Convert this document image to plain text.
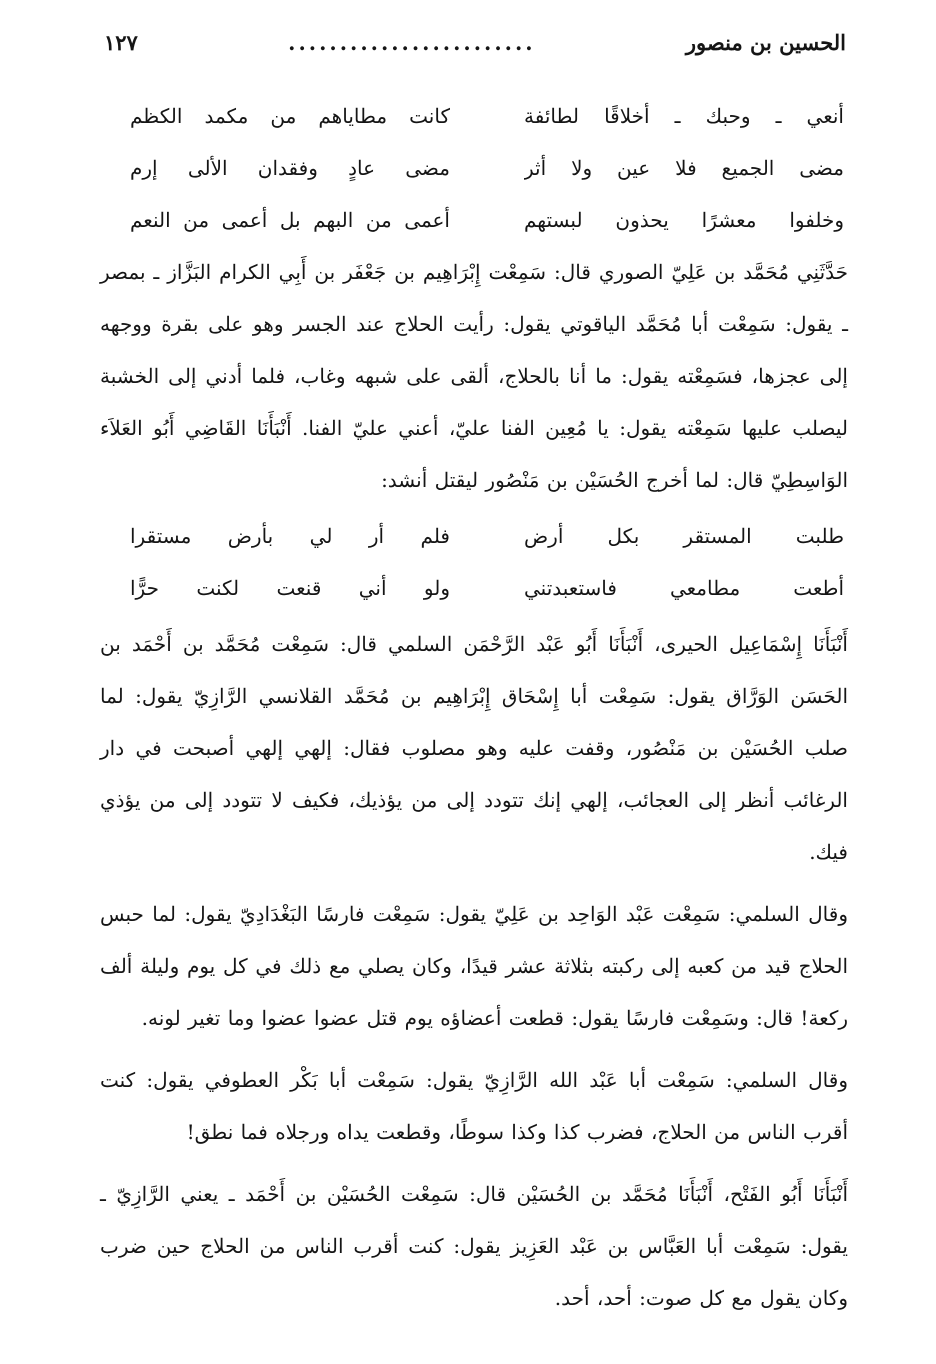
الحسين بن منصور
........................
١٢٧
أنعي ـ وحبك ـ أخلاقًا لطائفة
كانت مطاياهم من مكمد الكظم
مضى الجميع فلا عين ولا أثر
مضى عادٍ وفقدان الألى إرم
وخلفوا معشرًا يحذون لبستهم
أعمى من البهم بل أعمى من النعم

حَدَّثَنِي مُحَمَّد بن عَلِيّ الصوري قال: سَمِعْت إِبْرَاهِيم بن جَعْفَر بن أَبِي الكرام البَزَّاز ـ بمصر ـ يقول: سَمِعْت أبا مُحَمَّد الياقوتي يقول: رأيت الحلاج عند الجسر وهو على بقرة ووجهه إلى عجزها، فسَمِعْته يقول: ما أنا بالحلاج، ألقى على شبهه وغاب، فلما أدني إلى الخشبة ليصلب عليها سَمِعْته يقول: يا مُعِين الفنا عليّ، أعني عليّ الفنا. أَنْبَأَنَا القَاضِي أَبُو العَلاَء الوَاسِطِيّ قال: لما أخرج الحُسَيْن بن مَنْصُور ليقتل أنشد:

طلبت المستقر بكل أرض
فلم أر لي بأرض مستقرا
أطعت مطامعي فاستعبدتني
ولو أني قنعت لكنت حرًّا

أَنْبَأَنَا إِسْمَاعِيل الحيرى، أَنْبَأَنَا أَبُو عَبْد الرَّحْمَن السلمي قال: سَمِعْت مُحَمَّد بن أَحْمَد بن الحَسَن الوَرَّاق يقول: سَمِعْت أبا إِسْحَاق إِبْرَاهِيم بن مُحَمَّد القلانسي الرَّازِيّ يقول: لما صلب الحُسَيْن بن مَنْصُور، وقفت عليه وهو مصلوب فقال: إلهي إلهي أصبحت في دار الرغائب أنظر إلى العجائب، إلهي إنك تتودد إلى من يؤذيك، فكيف لا تتودد إلى من يؤذي فيك.

وقال السلمي: سَمِعْت عَبْد الوَاحِد بن عَلِيّ يقول: سَمِعْت فارسًا البَغْدَادِيّ يقول: لما حبس الحلاج قيد من كعبه إلى ركبته بثلاثة عشر قيدًا، وكان يصلي مع ذلك في كل يوم وليلة ألف ركعة! قال: وسَمِعْت فارسًا يقول: قطعت أعضاؤه يوم قتل عضوا عضوا وما تغير لونه.

وقال السلمي: سَمِعْت أبا عَبْد الله الرَّازِيّ يقول: سَمِعْت أبا بَكْر العطوفي يقول: كنت أقرب الناس من الحلاج، فضرب كذا وكذا سوطًا، وقطعت يداه ورجلاه فما نطق!

أَنْبَأَنَا أَبُو الفَتْح، أَنْبَأَنَا مُحَمَّد بن الحُسَيْن قال: سَمِعْت الحُسَيْن بن أَحْمَد ـ يعني الرَّازِيّ ـ يقول: سَمِعْت أبا العَبَّاس بن عَبْد العَزِيز يقول: كنت أقرب الناس من الحلاج حين ضرب وكان يقول مع كل صوت: أحد، أحد.
